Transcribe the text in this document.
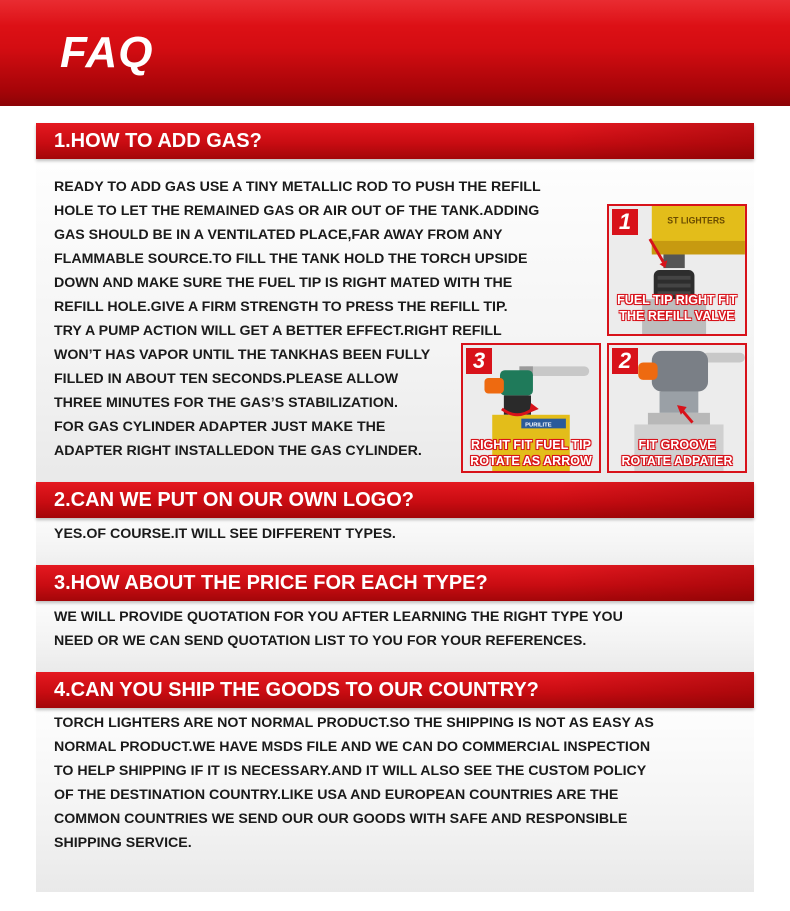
FAQ
1.HOW TO ADD GAS?
READY TO ADD GAS USE A TINY METALLIC ROD TO PUSH THE REFILL
HOLE TO LET THE REMAINED GAS OR AIR OUT OF THE TANK.ADDING
GAS SHOULD BE IN A VENTILATED PLACE,FAR AWAY FROM ANY
FLAMMABLE SOURCE.TO FILL THE TANK HOLD THE TORCH UPSIDE
DOWN AND MAKE SURE THE FUEL TIP IS RIGHT MATED WITH THE
REFILL HOLE.GIVE A FIRM STRENGTH TO PRESS THE REFILL TIP.
TRY A PUMP ACTION WILL GET A BETTER EFFECT.RIGHT REFILL
WON’T HAS VAPOR UNTIL THE TANKHAS BEEN FULLY
FILLED IN ABOUT TEN SECONDS.PLEASE ALLOW
THREE MINUTES FOR THE GAS’S STABILIZATION.
FOR GAS CYLINDER ADAPTER JUST MAKE THE
ADAPTER RIGHT INSTALLEDON THE GAS CYLINDER.
1	ST LIGHTERS
FUEL TIP RIGHT FIT
THE REFILL VALVE
3
PURILITE
RIGHT FIT FUEL TIP
ROTATE AS ARROW
2
FIT GROOVE
ROTATE ADPATER
2.CAN WE PUT ON OUR OWN LOGO?
YES.OF COURSE.IT WILL SEE DIFFERENT TYPES.
3.HOW ABOUT THE PRICE FOR EACH TYPE?
WE WILL PROVIDE QUOTATION FOR YOU AFTER LEARNING THE RIGHT TYPE YOU
NEED OR WE CAN SEND QUOTATION LIST TO YOU FOR YOUR REFERENCES.
4.CAN YOU SHIP THE GOODS TO OUR COUNTRY?
TORCH LIGHTERS ARE NOT NORMAL PRODUCT.SO THE SHIPPING IS NOT AS EASY AS
NORMAL PRODUCT.WE HAVE MSDS FILE AND WE CAN DO COMMERCIAL INSPECTION
TO HELP SHIPPING IF IT IS NECESSARY.AND IT WILL ALSO SEE THE CUSTOM POLICY
OF THE DESTINATION COUNTRY.LIKE USA AND EUROPEAN COUNTRIES ARE THE
COMMON COUNTRIES WE SEND OUR OUR GOODS WITH SAFE AND RESPONSIBLE
SHIPPING SERVICE.
